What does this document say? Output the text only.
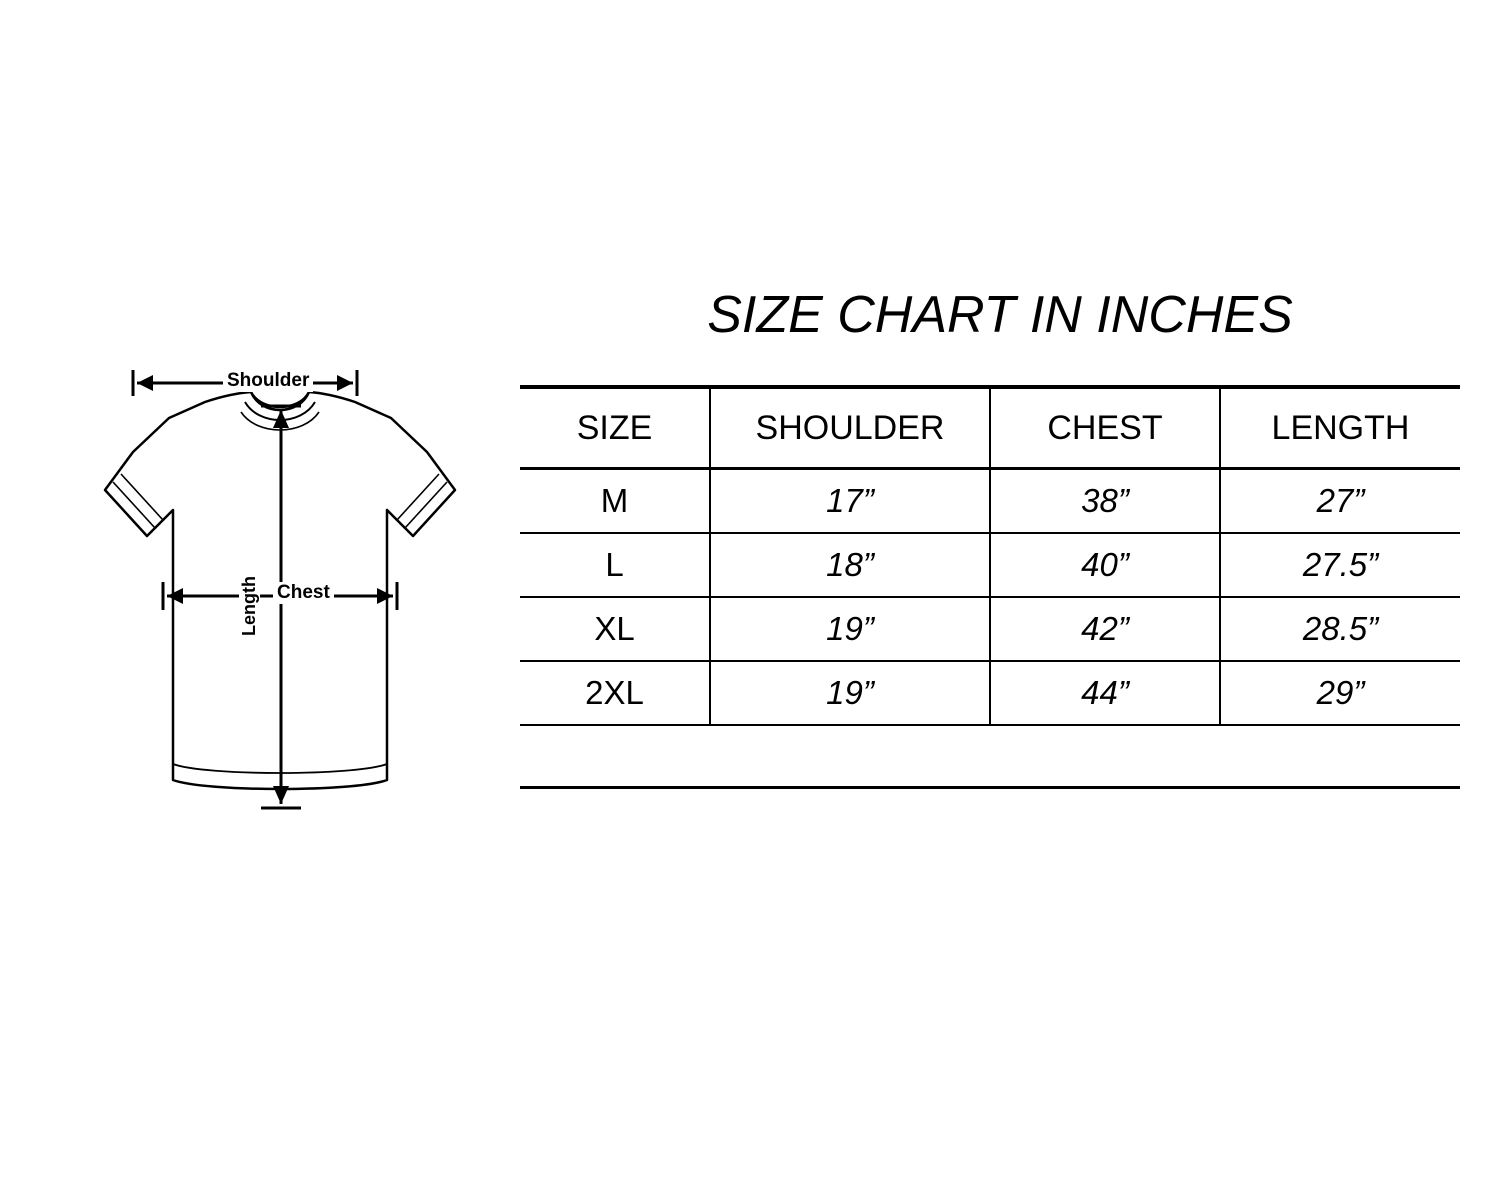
Shoulder
Chest
Length
SIZE CHART IN INCHES
SIZE	SHOULDER	CHEST	LENGTH
M	17”	38”	27”
L	18”	40”	27.5”
XL	19”	42”	28.5”
2XL	19”	44”	29”
